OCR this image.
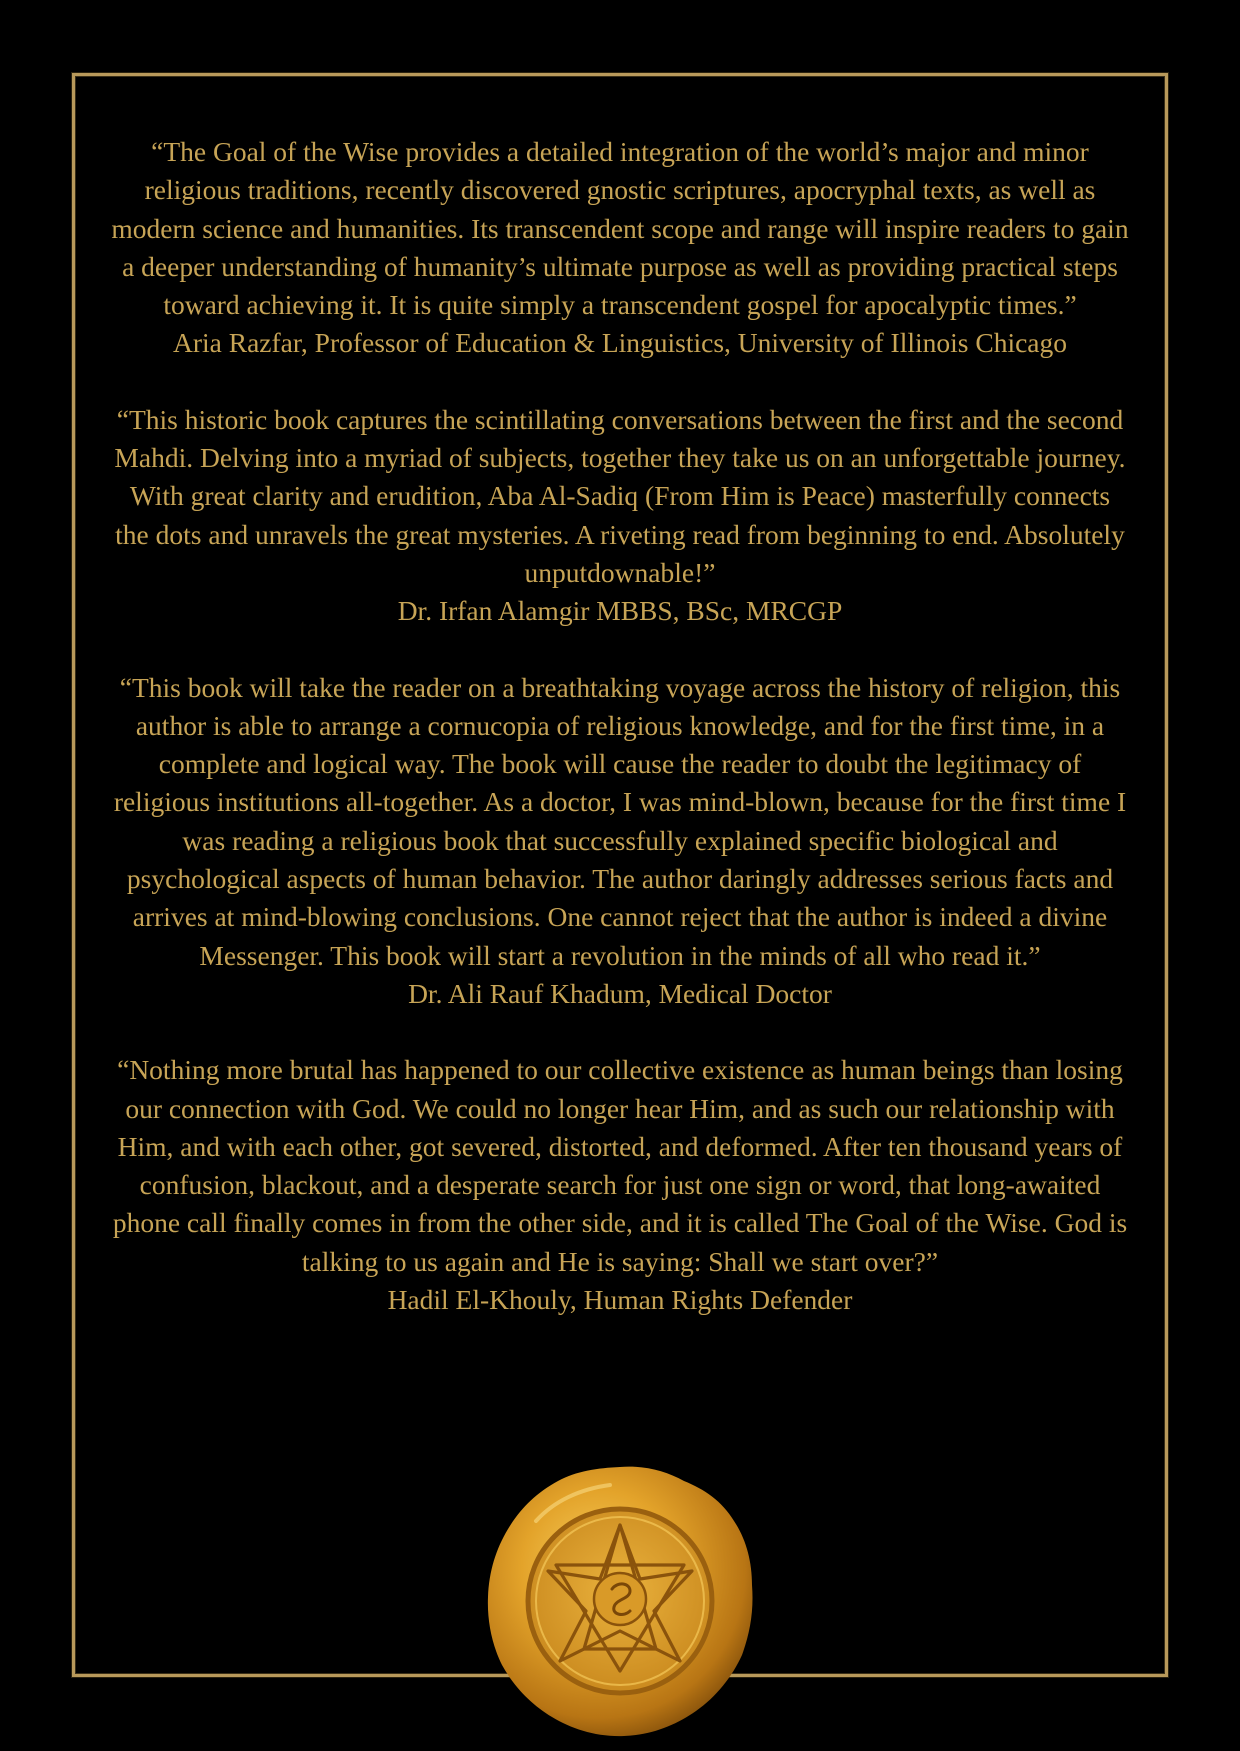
“The Goal of the Wise provides a detailed integration of the world’s major and minor religious traditions, recently discovered gnostic scriptures, apocryphal texts, as well as modern science and humanities. Its transcendent scope and range will inspire readers to gain a deeper understanding of humanity’s ultimate purpose as well as providing practical steps toward achieving it. It is quite simply a transcendent gospel for apocalyptic times.”
Aria Razfar, Professor of Education & Linguistics, University of Illinois Chicago
“This historic book captures the scintillating conversations between the first and the second Mahdi. Delving into a myriad of subjects, together they take us on an unforgettable journey. With great clarity and erudition, Aba Al-Sadiq (From Him is Peace) masterfully connects the dots and unravels the great mysteries. A riveting read from beginning to end. Absolutely unputdownable!”
Dr. Irfan Alamgir MBBS, BSc, MRCGP
“This book will take the reader on a breathtaking voyage across the history of religion, this author is able to arrange a cornucopia of religious knowledge, and for the first time, in a complete and logical way. The book will cause the reader to doubt the legitimacy of religious institutions all-together. As a doctor, I was mind-blown, because for the first time I was reading a religious book that successfully explained specific biological and psychological aspects of human behavior. The author daringly addresses serious facts and arrives at mind-blowing conclusions. One cannot reject that the author is indeed a divine Messenger. This book will start a revolution in the minds of all who read it.”
Dr. Ali Rauf Khadum, Medical Doctor
“Nothing more brutal has happened to our collective existence as human beings than losing our connection with God. We could no longer hear Him, and as such our relationship with Him, and with each other, got severed, distorted, and deformed. After ten thousand years of confusion, blackout, and a desperate search for just one sign or word, that long-awaited phone call finally comes in from the other side, and it is called The Goal of the Wise. God is talking to us again and He is saying: Shall we start over?”
Hadil El-Khouly, Human Rights Defender
